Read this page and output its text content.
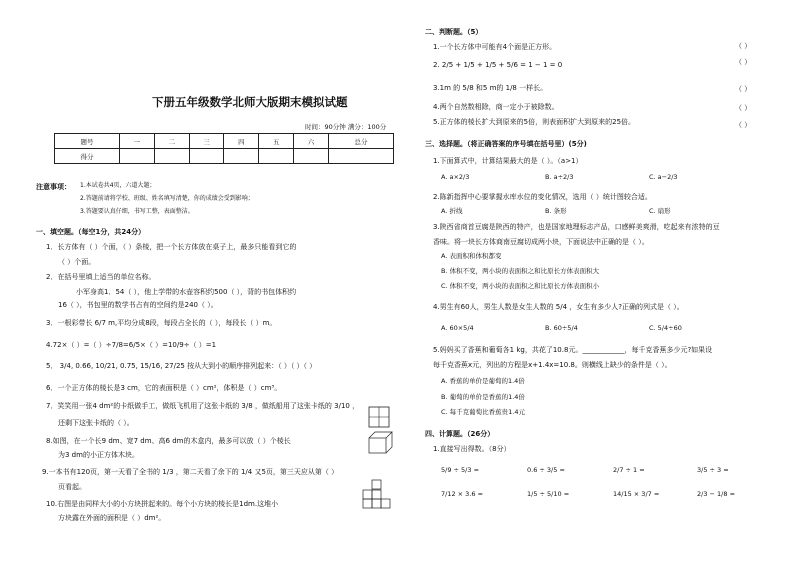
下册五年级数学北师大版期末模拟试题
时间：90分钟 满分：100分
题号	一	二	三	四	五	六	总分
得分							
注意事项： 1.本试卷共4页，六道大题；
2.答题前请将学校、班级、姓名填写清楚，你的成绩会受到影响；
3.答题要认真仔细，书写工整，表面整洁。
一、填空题。（每空1分，共24分）
1．长方体有（ ）个面，（ ）条棱，把一个长方体放在桌子上，最多只能看到它的
（ ）个面。
2．在括号里填上适当的单位名称。
小军身高1．54（ ），他上学带的水壶容积约500（ ），背的书包体积约
16（ ），书包里的数学书占有的空间约是240（ ）。
3．一根彩带长 6/7 m,平均分成8段，每段占全长的（ ），每段长（ ）m。
4.72×（ ）=（ ）÷7/8=6/5×（ ）=10/9÷（ ）=1
5． 3/4, 0.66, 10/21, 0.75, 15/16, 27/25 按从大到小的顺序排列起来：（ ）（ ）（ ）
6．一个正方体的棱长是3 cm，它的表面积是（ ）cm²，体积是（ ）cm³。
7．笑笑用一张4 dm²的卡纸做手工，做纸飞机用了这张卡纸的 3/8 ，做纸船用了这张卡纸的 3/10 ，
还剩下这张卡纸的（ ）。
8.如图，在一个长9 dm、宽7 dm、高6 dm的木盒内，最多可以放（ ）个棱长
为3 dm的小正方体木块。
9.一本书有120页，第一天看了全书的 1/3 ，第二天看了余下的 1/4 又5页，第三天应从第（ ）
页看起。
10.右图是由同样大小的小方块拼起来的。每个小方块的棱长是1dm.这堆小
方块露在外面的面积是（ ）dm²。
二、判断题。（5）
1.一个长方体中可能有4个面是正方形。	（ ）
2. 2/5 + 1/5 + 1/5 + 5/6 = 1 − 1 = 0	（ ）
3.1m 的 5/8 和5 m的 1/8 一样长。	（ ）
4.两个自然数相除，商一定小于被除数。	（ ）
5.正方体的棱长扩大到原来的5倍，则表面积扩大到原来的25倍。	（ ）
三、选择题。（将正确答案的序号填在括号里）(5分)
1.下面算式中，计算结果最大的是（ ）。（a>1）
A. a×2/3	B. a÷2/3	C. a−2/3
2.陈新指挥中心要掌握水库水位的变化情况，选用（ ）统计图较合适。
A. 折线	B. 条形	C. 扇形
3.陕西省商首豆腐是陕西的特产，也是国家地理标志产品，口感鲜美爽滑，吃起来有浓特的豆
香味。将一块长方体商南豆腐切成两小块，下面说法中正确的是（ ）。
A. 表面积和体积都变
B. 体积不变，两小块的表面积之和比原长方体表面积大
C. 体积不变，两小块的表面积之和比原长方体表面积小
4.男生有60人，男生人数是女生人数的 5/4 ，女生有多少人?正确的列式是（ ）。
A. 60×5/4	B. 60÷5/4	C. 5/4÷60
5.妈妈买了香蕉和葡萄各1 kg，共花了10.8元。____________，每千克香蕉多少元?如果设
每千克香蕉x元，列出的方程是x+1.4x=10.8。则横线上缺少的条件是（ ）。
A. 香蕉的单价是葡萄的1.4倍
B. 葡萄的单价是香蕉的1.4倍
C. 每千克葡萄比香蕉贵1.4元
四、计算题。（26分）
1.直接写出得数。（8分）
5/9 ÷ 5/3 =	0.6 ÷ 3/5 =	2/7 ÷ 1 =	3/5 ÷ 3 =
7/12 × 3.6 =	1/5 ÷ 5/10 =	14/15 × 3/7 =	2/3 − 1/8 =
